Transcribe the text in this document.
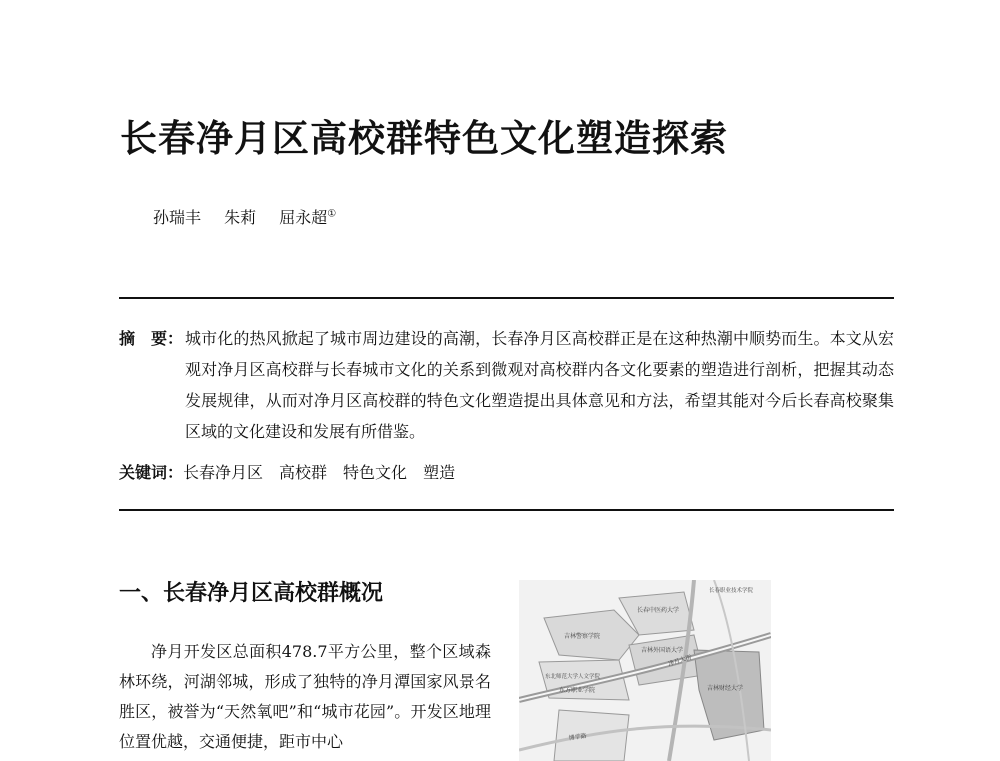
长春净月区高校群特色文化塑造探索
孙瑞丰 朱莉 屈永超①
摘　要： 城市化的热风掀起了城市周边建设的高潮，长春净月区高校群正是在这种热潮中顺势而生。本文从宏观对净月区高校群与长春城市文化的关系到微观对高校群内各文化要素的塑造进行剖析，把握其动态发展规律，从而对净月区高校群的特色文化塑造提出具体意见和方法，希望其能对今后长春高校聚集区域的文化建设和发展有所借鉴。
关键词：长春净月区 高校群 特色文化 塑造
一、长春净月区高校群概况

净月开发区总面积478.7平方公里，整个区域森林环绕，河湖邻城，形成了独特的净月潭国家风景名胜区，被誉为“天然氧吧”和“城市花园”。开发区地理位置优越，交通便捷，距市中心

吉林警察学院
长春中医药大学
吉林外国语大学
东北师范大学人文学院
东方职业学院	吉林财经大学
长春职业技术学院
净月大街
博学路
